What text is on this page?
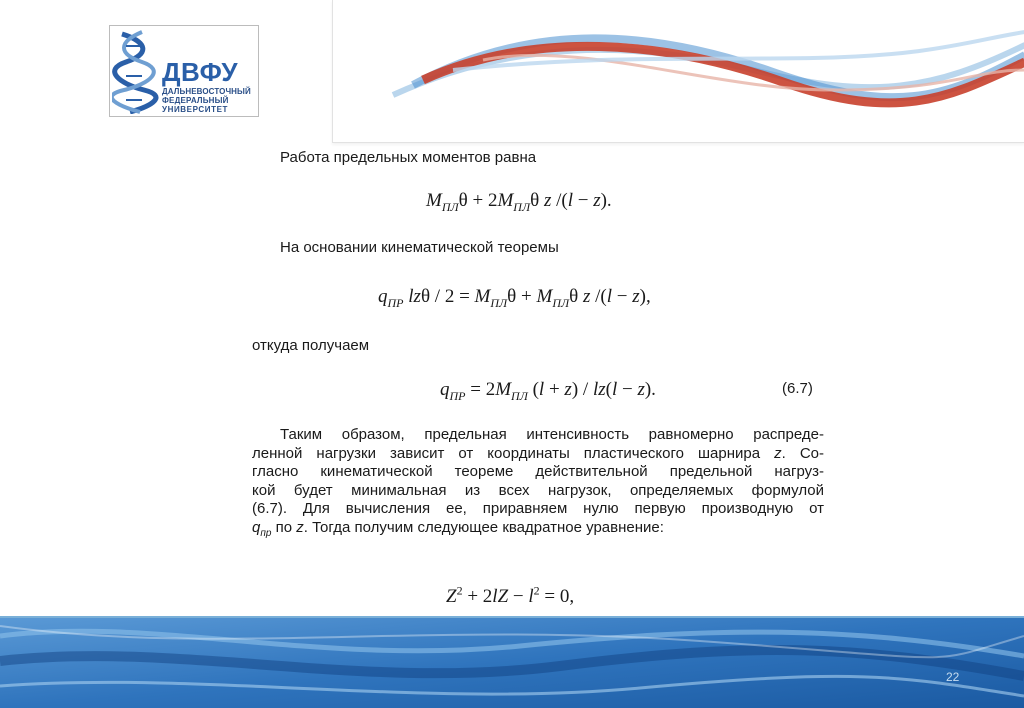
ДВФУ
ДАЛЬНЕВОСТОЧНЫЙ
ФЕДЕРАЛЬНЫЙ
УНИВЕРСИТЕТ
Работа предельных моментов равна
$M_{ПЛ}\theta + 2M_{ПЛ}\theta$ z /(l − z).
На основании кинематической теоремы
$q_{ПР}$ $lz\theta / 2 = M_{ПЛ}\theta + M_{ПЛ}\theta$ z /(l − z),
откуда получаем
$q_{ПР} = 2M_{ПЛ}$ (l + z) / lz(l − z).	(6.7)
Таким образом, предельная интенсивность равномерно распреде-
ленной нагрузки зависит от координаты пластического шарнира z. Со-
гласно кинематической теореме действительной предельной нагруз-
кой будет минимальная из всех нагрузок, определяемых формулой
(6.7). Для вычисления ее, приравняем нулю первую производную от
$q_{пр}$ по z. Тогда получим следующее квадратное уравнение:
$Z^2 + 2lZ - l^2 = 0$,
22
